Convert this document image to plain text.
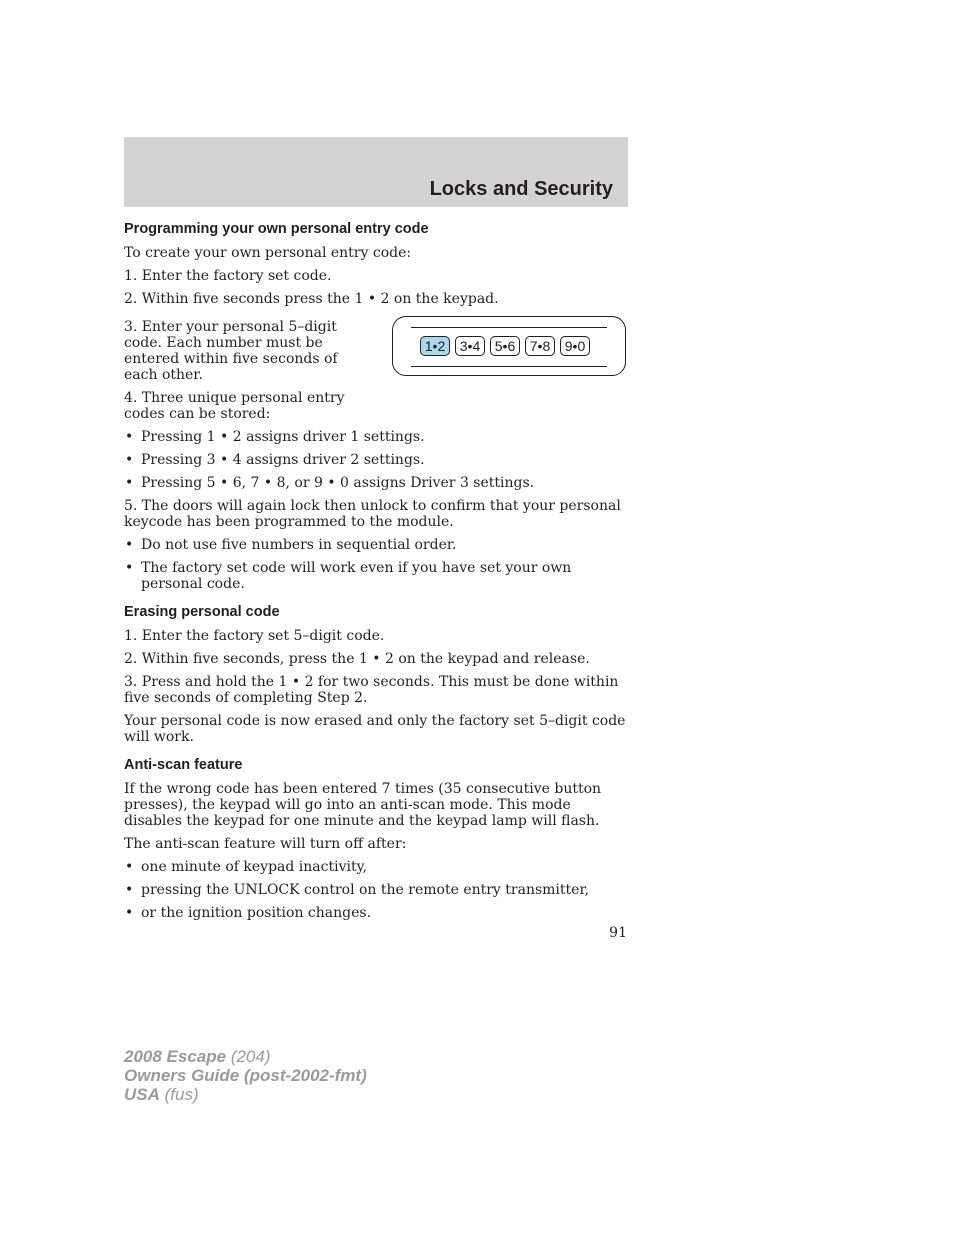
Locks and Security
Programming your own personal entry code

To create your own personal entry code:

1. Enter the factory set code.

2. Within five seconds press the 1 • 2 on the keypad.

3. Enter your personal 5–digit code. Each number must be entered within five seconds of each other.

4. Three unique personal entry codes can be stored:

1•2	3•4	5•6	7•8	9•0
• Pressing 1 • 2 assigns driver 1 settings.
• Pressing 3 • 4 assigns driver 2 settings.
• Pressing 5 • 6, 7 • 8, or 9 • 0 assigns Driver 3 settings.

5. The doors will again lock then unlock to confirm that your personal keycode has been programmed to the module.

• Do not use five numbers in sequential order.
• The factory set code will work even if you have set your own personal code.
Erasing personal code

1. Enter the factory set 5–digit code.

2. Within five seconds, press the 1 • 2 on the keypad and release.

3. Press and hold the 1 • 2 for two seconds. This must be done within five seconds of completing Step 2.

Your personal code is now erased and only the factory set 5–digit code will work.

Anti-scan feature

If the wrong code has been entered 7 times (35 consecutive button presses), the keypad will go into an anti-scan mode. This mode disables the keypad for one minute and the keypad lamp will flash.

The anti-scan feature will turn off after:

• one minute of keypad inactivity,
• pressing the UNLOCK control on the remote entry transmitter,
• or the ignition position changes.
91
2008 Escape (204)
Owners Guide (post-2002-fmt)
USA (fus)
